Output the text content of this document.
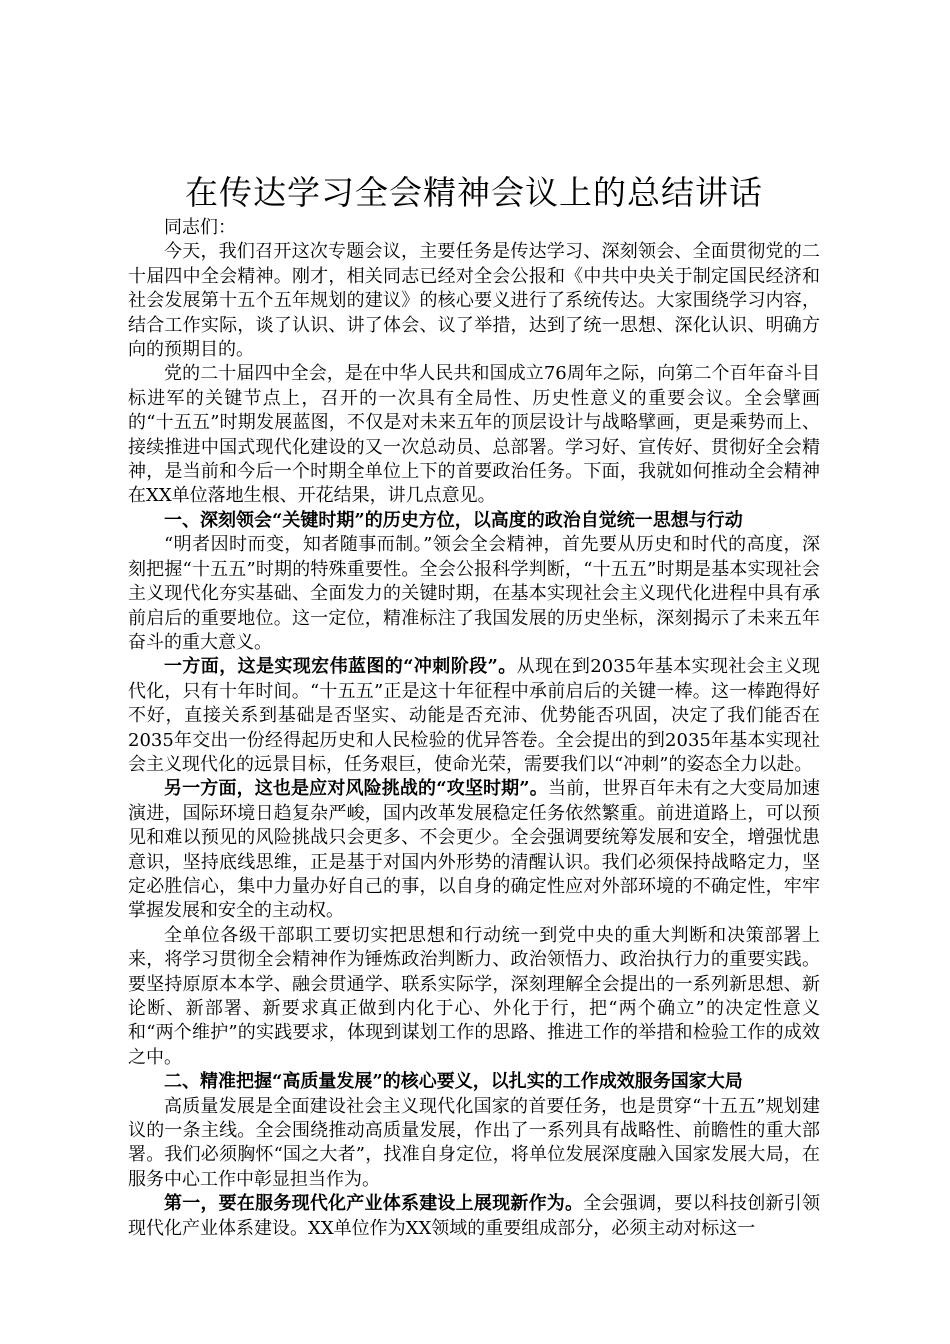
在传达学习全会精神会议上的总结讲话

同志们：

今天，我们召开这次专题会议，主要任务是传达学习、深刻领会、全面贯彻党的二十届四中全会精神。刚才，相关同志已经对全会公报和《中共中央关于制定国民经济和社会发展第十五个五年规划的建议》的核心要义进行了系统传达。大家围绕学习内容，结合工作实际，谈了认识、讲了体会、议了举措，达到了统一思想、深化认识、明确方向的预期目的。

党的二十届四中全会，是在中华人民共和国成立76周年之际，向第二个百年奋斗目标进军的关键节点上，召开的一次具有全局性、历史性意义的重要会议。全会擘画的“十五五”时期发展蓝图，不仅是对未来五年的顶层设计与战略擘画，更是乘势而上、接续推进中国式现代化建设的又一次总动员、总部署。学习好、宣传好、贯彻好全会精神，是当前和今后一个时期全单位上下的首要政治任务。下面，我就如何推动全会精神在XX单位落地生根、开花结果，讲几点意见。

一、深刻领会“关键时期”的历史方位，以高度的政治自觉统一思想与行动

“明者因时而变，知者随事而制。”领会全会精神，首先要从历史和时代的高度，深刻把握“十五五”时期的特殊重要性。全会公报科学判断，“十五五”时期是基本实现社会主义现代化夯实基础、全面发力的关键时期，在基本实现社会主义现代化进程中具有承前启后的重要地位。这一定位，精准标注了我国发展的历史坐标，深刻揭示了未来五年奋斗的重大意义。

一方面，这是实现宏伟蓝图的“冲刺阶段”。从现在到2035年基本实现社会主义现代化，只有十年时间。“十五五”正是这十年征程中承前启后的关键一棒。这一棒跑得好不好，直接关系到基础是否坚实、动能是否充沛、优势能否巩固，决定了我们能否在2035年交出一份经得起历史和人民检验的优异答卷。全会提出的到2035年基本实现社会主义现代化的远景目标，任务艰巨，使命光荣，需要我们以“冲刺”的姿态全力以赴。

另一方面，这也是应对风险挑战的“攻坚时期”。当前，世界百年未有之大变局加速演进，国际环境日趋复杂严峻，国内改革发展稳定任务依然繁重。前进道路上，可以预见和难以预见的风险挑战只会更多、不会更少。全会强调要统筹发展和安全，增强忧患意识，坚持底线思维，正是基于对国内外形势的清醒认识。我们必须保持战略定力，坚定必胜信心，集中力量办好自己的事，以自身的确定性应对外部环境的不确定性，牢牢掌握发展和安全的主动权。

全单位各级干部职工要切实把思想和行动统一到党中央的重大判断和决策部署上来，将学习贯彻全会精神作为锤炼政治判断力、政治领悟力、政治执行力的重要实践。要坚持原原本本学、融会贯通学、联系实际学，深刻理解全会提出的一系列新思想、新论断、新部署、新要求真正做到内化于心、外化于行，把“两个确立”的决定性意义和“两个维护”的实践要求，体现到谋划工作的思路、推进工作的举措和检验工作的成效之中。

二、精准把握“高质量发展”的核心要义，以扎实的工作成效服务国家大局

高质量发展是全面建设社会主义现代化国家的首要任务，也是贯穿“十五五”规划建议的一条主线。全会围绕推动高质量发展，作出了一系列具有战略性、前瞻性的重大部署。我们必须胸怀“国之大者”，找准自身定位，将单位发展深度融入国家发展大局，在服务中心工作中彰显担当作为。

第一，要在服务现代化产业体系建设上展现新作为。全会强调，要以科技创新引领现代化产业体系建设。XX单位作为XX领域的重要组成部分，必须主动对标这一
